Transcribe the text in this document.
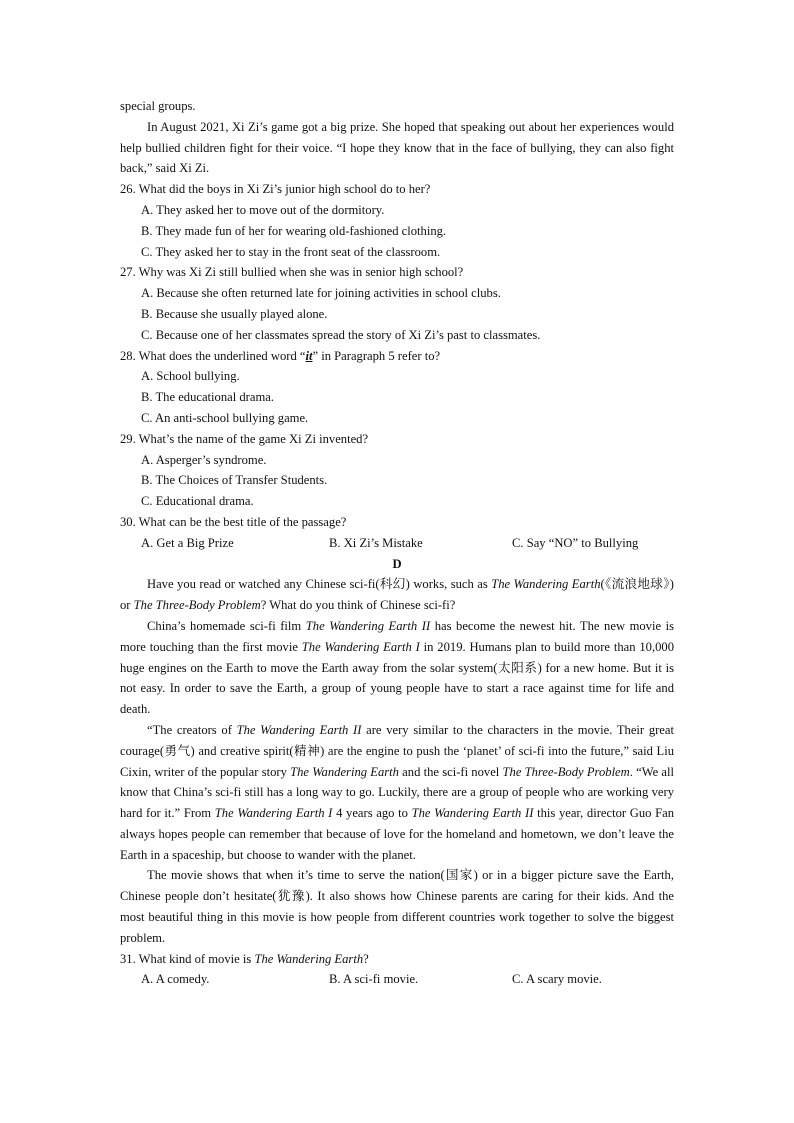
special groups.

In August 2021, Xi Zi’s game got a big prize. She hoped that speaking out about her experiences would help bullied children fight for their voice. “I hope they know that in the face of bullying, they can also fight back,” said Xi Zi.

26. What did the boys in Xi Zi’s junior high school do to her?

A. They asked her to move out of the dormitory.

B. They made fun of her for wearing old-fashioned clothing.

C. They asked her to stay in the front seat of the classroom.

27. Why was Xi Zi still bullied when she was in senior high school?

A. Because she often returned late for joining activities in school clubs.

B. Because she usually played alone.

C. Because one of her classmates spread the story of Xi Zi’s past to classmates.

28. What does the underlined word “it” in Paragraph 5 refer to?

A. School bullying.

B. The educational drama.

C. An anti-school bullying game.

29. What’s the name of the game Xi Zi invented?

A. Asperger’s syndrome.

B. The Choices of Transfer Students.

C. Educational drama.

30. What can be the best title of the passage?

A. Get a Big Prize	B. Xi Zi’s Mistake	C. Say “NO” to Bullying

D

Have you read or watched any Chinese sci-fi(科幻) works, such as The Wandering Earth(《流浪地球》) or The Three-Body Problem? What do you think of Chinese sci-fi?

China’s homemade sci-fi film The Wandering Earth II has become the newest hit. The new movie is more touching than the first movie The Wandering Earth I in 2019. Humans plan to build more than 10,000 huge engines on the Earth to move the Earth away from the solar system(太阳系) for a new home. But it is not easy. In order to save the Earth, a group of young people have to start a race against time for life and death.

“The creators of The Wandering Earth II are very similar to the characters in the movie. Their great courage(勇气) and creative spirit(精神) are the engine to push the ‘planet’ of sci-fi into the future,” said Liu Cixin, writer of the popular story The Wandering Earth and the sci-fi novel The Three-Body Problem. “We all know that China’s sci-fi still has a long way to go. Luckily, there are a group of people who are working very hard for it.” From The Wandering Earth I 4 years ago to The Wandering Earth II this year, director Guo Fan always hopes people can remember that because of love for the homeland and hometown, we don’t leave the Earth in a spaceship, but choose to wander with the planet.

The movie shows that when it’s time to serve the nation(国家) or in a bigger picture save the Earth, Chinese people don’t hesitate(犹豫). It also shows how Chinese parents are caring for their kids. And the most beautiful thing in this movie is how people from different countries work together to solve the biggest problem.

31. What kind of movie is The Wandering Earth?

A. A comedy.	B. A sci-fi movie.	C. A scary movie.
